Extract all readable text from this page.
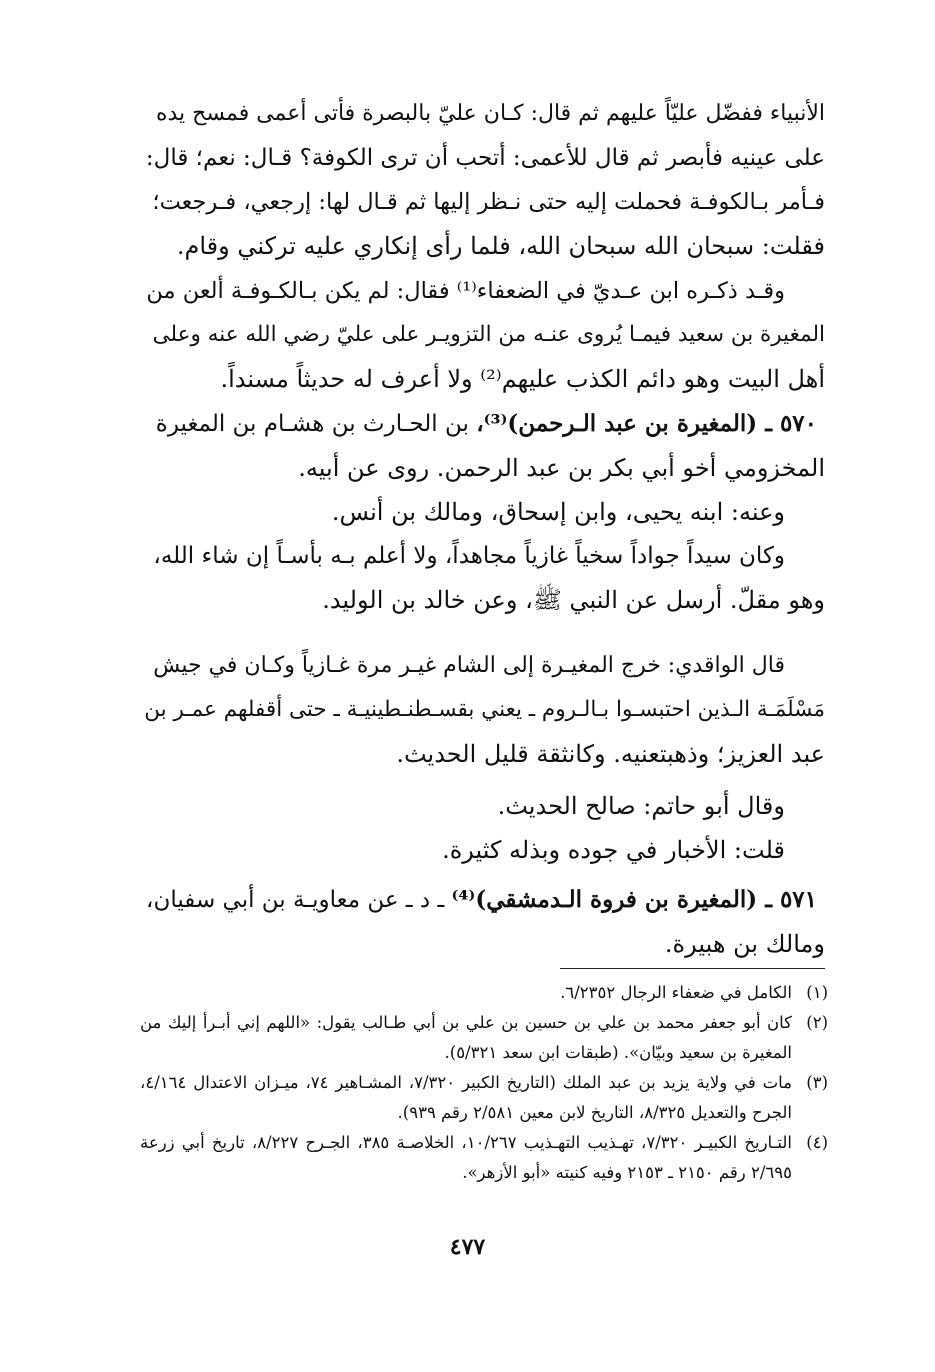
الأنبياء ففضّل عليّاً عليهم ثم قال: كـان عليّ بالبصرة فأتى أعمى فمسح يده
على عينيه فأبصر ثم قال للأعمى: أتحب أن ترى الكوفة؟ قـال: نعم؛ قال:
فـأمر بـالكوفـة فحملت إليه حتى نـظر إليها ثم قـال لها: إرجعي، فـرجعت؛
فقلت: سبحان الله سبحان الله، فلما رأى إنكاري عليه تركني وقام.
وقـد ذكـره ابن عـديّ في الضعفاء⁽¹⁾ فقال: لم يكن بـالكـوفـة ألعن من
المغيرة بن سعيد فيمـا يُروى عنـه من التزويـر على عليّ رضي الله عنه وعلى
أهل البيت وهو دائم الكذب عليهم⁽²⁾ ولا أعرف له حديثاً مسنداً.
٥٧٠ ـ (المغيرة بن عبد الـرحمن)⁽³⁾، بن الحـارث بن هشـام بن المغيرة
المخزومي أخو أبي بكر بن عبد الرحمن. روى عن أبيه.
وعنه: ابنه يحيى، وابن إسحاق، ومالك بن أنس.
وكان سيداً جواداً سخياً غازياً مجاهداً، ولا أعلم بـه بأسـاً إن شاء الله،
وهو مقلّ. أرسل عن النبي ﷺ، وعن خالد بن الوليد.
قال الواقدي: خرج المغيـرة إلى الشام غيـر مرة غـازياً وكـان في جيش
مَسْلَمَـة الـذين احتبسـوا بـالـروم ـ يعني بقسـطنـطينيـة ـ حتى أقفلهم عمـر بن
عبد العزيز؛ وذهبتعنيه. وكانثقة قليل الحديث.
وقال أبو حاتم: صالح الحديث.
قلت: الأخبار في جوده وبذله كثيرة.
٥٧١ ـ (المغيرة بن فروة الـدمشقي)⁽⁴⁾ ـ د ـ عن معاويـة بن أبي سفيان،
ومالك بن هبيرة.
(١)
الكامل في ضعفاء الرجال ٦/٢٣٥٢.
(٢)
كان أبو جعفر محمد بن علي بن حسين بن علي بن أبي طـالب يقول: «اللهم إني أبـرأ إليك من المغيرة بن سعيد وبيّان». (طبقات ابن سعد ٥/٣٢١).
(٣)
مات في ولاية يزيد بن عبد الملك (التاريخ الكبير ٧/٣٢٠، المشـاهير ٧٤، ميـزان الاعتدال ٤/١٦٤، الجرح والتعديل ٨/٣٢٥، التاريخ لابن معين ٢/٥٨١ رقم ٩٣٩).
(٤)
التـاريخ الكبيـر ٧/٣٢٠، تهـذيب التهـذيب ١٠/٢٦٧، الخلاصـة ٣٨٥، الجـرح ٨/٢٢٧، تاريخ أبي زرعة ٢/٦٩٥ رقم ٢١٥٠ ـ ٢١٥٣ وفيه كنيته «أبو الأزهر».
٤٧٧
